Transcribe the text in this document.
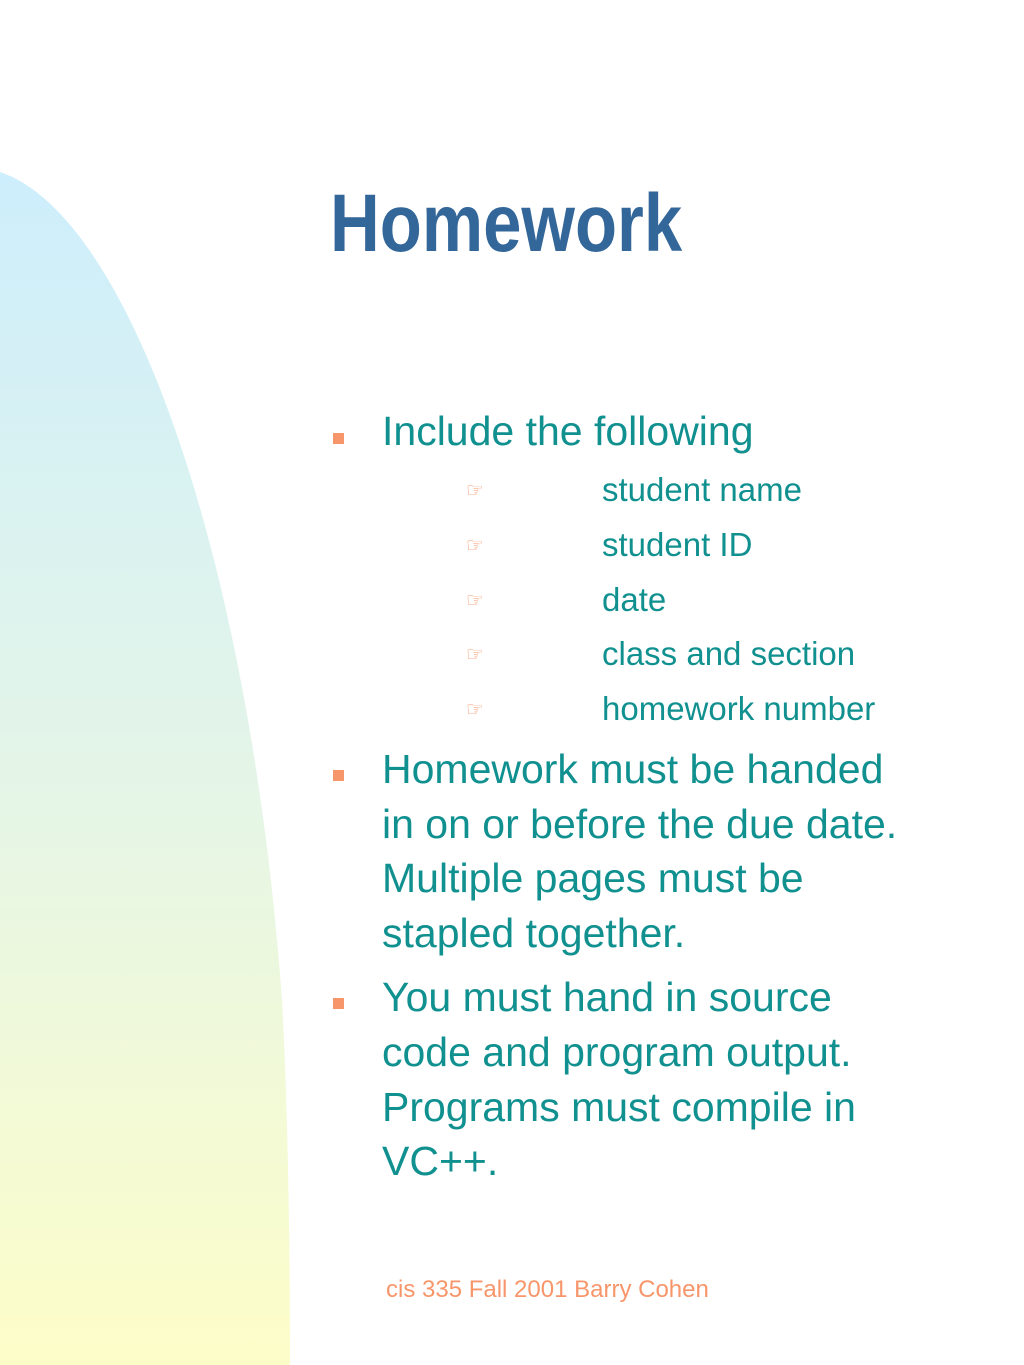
Homework

Include the following

☞	student name

☞	student ID

☞	date

☞	class and section

☞	homework number

Homework must be handed

in on or before the due date.

Multiple pages must be

stapled together.

You must hand in source

code and program output.

Programs must compile in

VC++.

cis 335 Fall 2001 Barry Cohen
